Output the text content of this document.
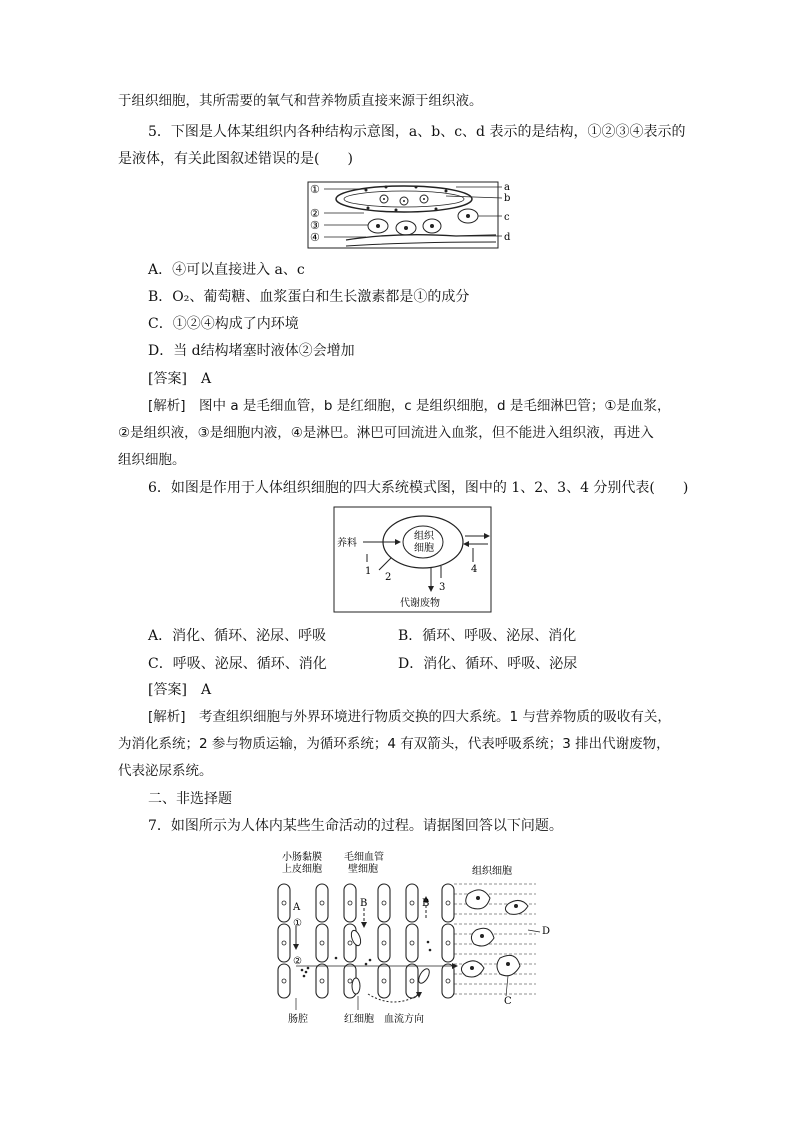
于组织细胞，其所需要的氧气和营养物质直接来源于组织液。
5．下图是人体某组织内各种结构示意图，a、b、c、d 表示的是结构，①②③④表示的
是液体，有关此图叙述错误的是(　　)
①
②
③
④
a
b
c
d
A．④可以直接进入 a、c
B．O₂、葡萄糖、血浆蛋白和生长激素都是①的成分
C．①②④构成了内环境
D．当 d结构堵塞时液体②会增加
[答案]　 A
[解析]　 图中 a 是毛细血管，b 是红细胞，c 是组织细胞，d 是毛细淋巴管；①是血浆，
②是组织液，③是细胞内液，④是淋巴。淋巴可回流进入血浆，但不能进入组织液，再进入
组织细胞。
6．如图是作用于人体组织细胞的四大系统模式图，图中的 1、2、3、4 分别代表(　　)
组织
细胞
养料
1
2
3
4
代谢废物
A．消化、循环、泌尿、呼吸	B．循环、呼吸、泌尿、消化
C．呼吸、泌尿、循环、消化	D．消化、循环、呼吸、泌尿
[答案]　 A
[解析]　 考查组织细胞与外界环境进行物质交换的四大系统。1 与营养物质的吸收有关，
为消化系统；2 参与物质运输，为循环系统；4 有双箭头，代表呼吸系统；3 排出代谢废物，
代表泌尿系统。
二、非选择题
7．如图所示为人体内某些生命活动的过程。请据图回答以下问题。
小肠黏膜
上皮细胞
毛细血管
壁细胞	组织细胞
A
①
②
B	B
D
C
肠腔	红细胞 血流方向
